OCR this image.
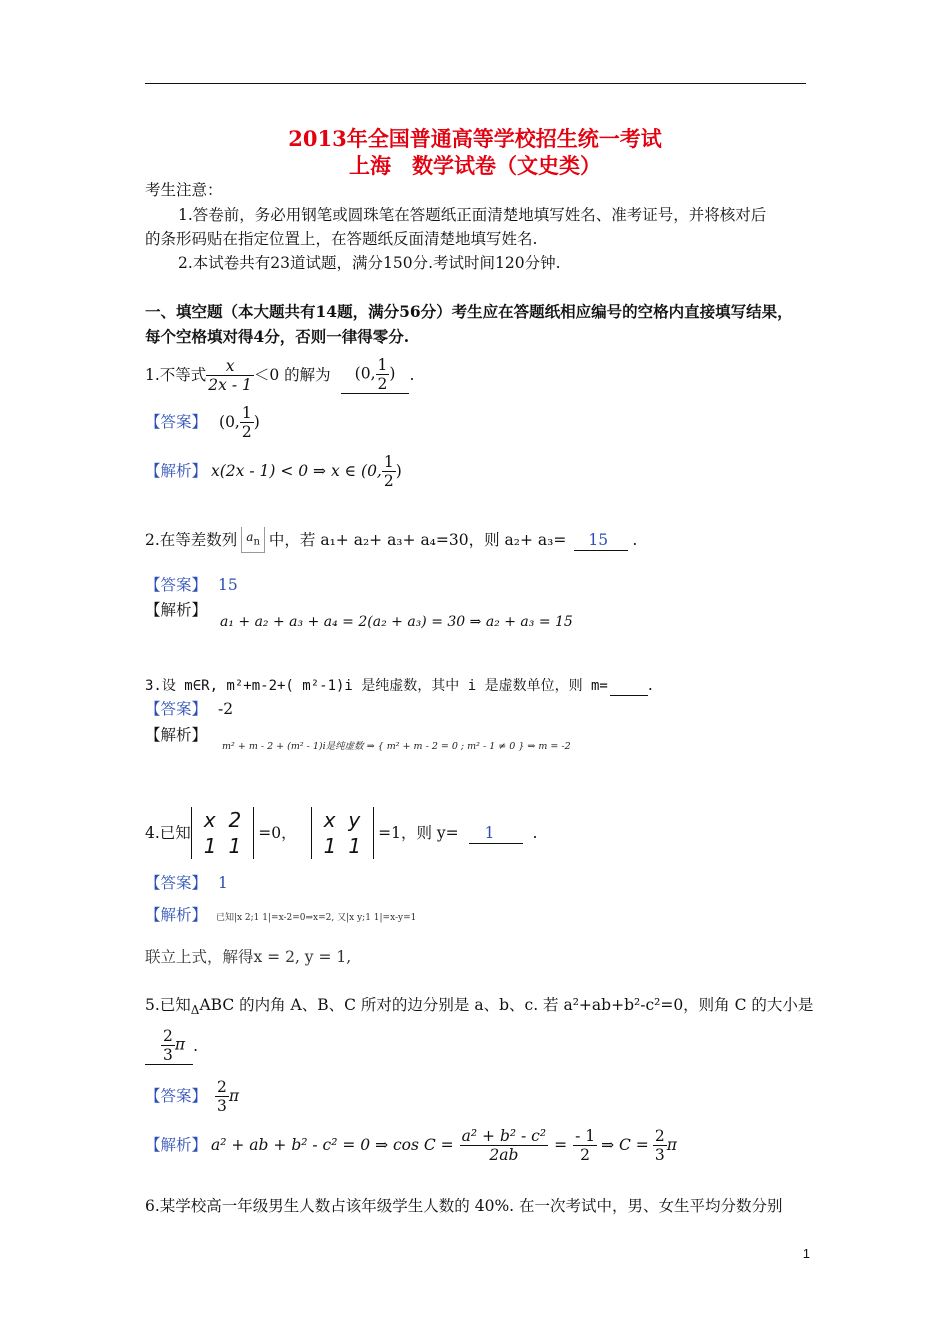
2013年全国普通高等学校招生统一考试
上海　数学试卷（文史类）
考生注意：
1.答卷前，务必用钢笔或圆珠笔在答题纸正面清楚地填写姓名、准考证号，并将核对后
的条形码贴在指定位置上，在答题纸反面清楚地填写姓名.
2.本试卷共有23道试题，满分150分.考试时间120分钟.
一、填空题（本大题共有14题，满分56分）考生应在答题纸相应编号的空格内直接填写结果，
每个空格填对得4分，否则一律得零分.
1.不等式 $\frac{x}{2x - 1} <0$ 的解为	(0, $\frac{1}{2}$ ) .
【答案】 (0, $\frac{1}{2}$ )
【解析】 x(2x - 1) < 0 ⇒ x ∈ (0, $\frac{1}{2}$ )
2.在等差数列 $a_n$ 中，若 a₁+ a₂+ a₃+ a₄=30，则 a₂+ a₃=	15	.
【答案】 15
【解析】
a₁ + a₂ + a₃ + a₄ = 2(a₂ + a₃) = 30 ⇒ a₂ + a₃ = 15
3.设 m∈R, m²+m-2+( m²-1)i 是纯虚数，其中 i 是虚数单位，则 m=	.
【答案】 -2
【解析】
m² + m - 2 + (m² - 1)i是纯虚数 ⇒ { m² + m - 2 = 0 ; m² - 1 ≠ 0 } ⇒ m = -2
4.已知
x	2
1	1
=0，
x	y
1	1
=1，则 y=	1	.
【答案】 1
【解析】 已知|x 2;1 1|=x-2=0⇒x=2, 又|x y;1 1|=x-y=1
联立上式，解得x = 2, y = 1,
5.已知$_\Delta$ABC 的内角 A、B、C 所对的边分别是 a、b、c. 若 a²+ab+b²-c²=0，则角 C 的大小是
$\frac{2}{3}$ π .
【答案】 $\frac{2}{3}$ π
【解析】 a² + ab + b² - c² = 0 ⇒ $\cos C = \frac{\text{a² + b² - c²}}{2ab} = \frac{- 1}{2}$ ⇒ $C = \frac{2}{3}$ π
6.某学校高一年级男生人数占该年级学生人数的 40%. 在一次考试中，男、女生平均分数分别
1
